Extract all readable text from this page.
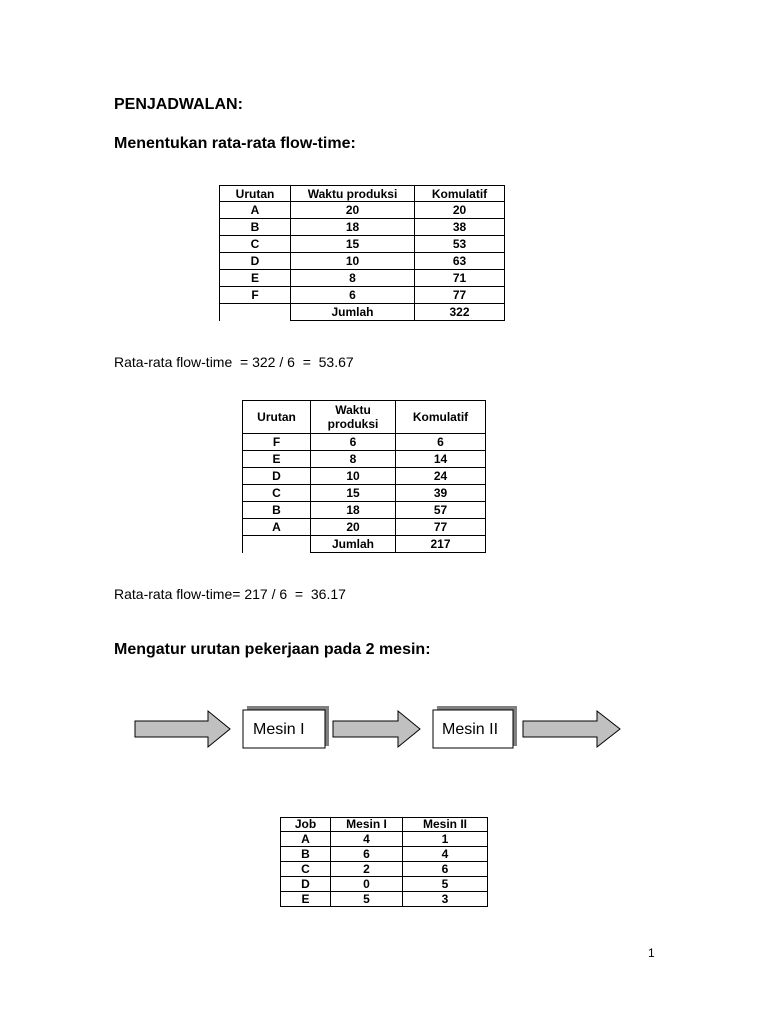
PENJADWALAN:
Menentukan rata-rata flow-time:
Urutan	Waktu produksi	Komulatif
A	20	20
B	18	38
C	15	53
D	10	63
E	8	71
F	6	77
	Jumlah	322
Rata-rata flow-time  = 322 / 6  =  53.67
Urutan	Waktu produksi	Komulatif
F	6	6
E	8	14
D	10	24
C	15	39
B	18	57
A	20	77
	Jumlah	217
Rata-rata flow-time= 217 / 6  =  36.17
Mengatur urutan pekerjaan pada 2 mesin:
Mesin I	Mesin II
Job	Mesin I	Mesin II
A	4	1
B	6	4
C	2	6
D	0	5
E	5	3
1
